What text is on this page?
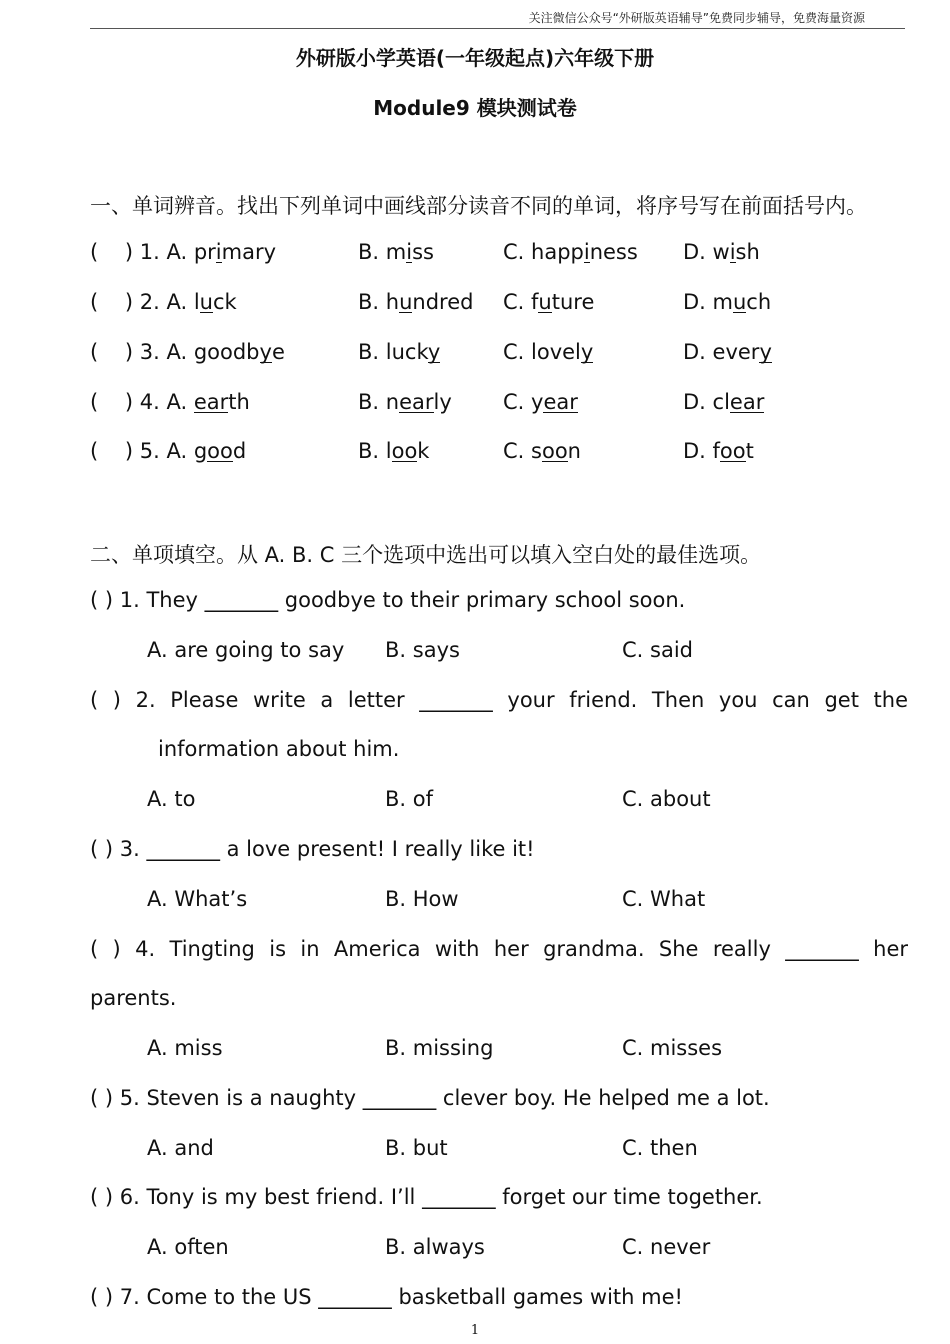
关注微信公众号“外研版英语辅导”免费同步辅导，免费海量资源
外研版小学英语(一年级起点)六年级下册
Module9 模块测试卷
一、单词辨音。找出下列单词中画线部分读音不同的单词，将序号写在前面括号内。
(    ) 1. A. primary	B. miss	C. happiness D. wish
(    ) 2. A. luck	B. hundred C. future	D. much
(    ) 3. A. goodbye	B. lucky	C. lovely	D. every
(    ) 4. A. earth	B. nearly C. year	D. clear
(    ) 5. A. good	B. look	C. soon	D. foot
二、单项填空。从 A. B. C 三个选项中选出可以填入空白处的最佳选项。
( ) 1. They _______ goodbye to their primary school soon.
A. are going to say B. says	C. said
( ) 2. Please write a letter _______ your friend. Then you can get the
information about him.
A. to	B. of	C. about
( ) 3. _______ a love present! I really like it!
A. What’s	B. How	C. What
( ) 4. Tingting is in America with her grandma. She really _______ her
parents.
A. miss	B. missing	C. misses
( ) 5. Steven is a naughty _______ clever boy. He helped me a lot.
A. and	B. but	C. then
( ) 6. Tony is my best friend. I’ll _______ forget our time together.
A. often	B. always	C. never
( ) 7. Come to the US _______ basketball games with me!
1
